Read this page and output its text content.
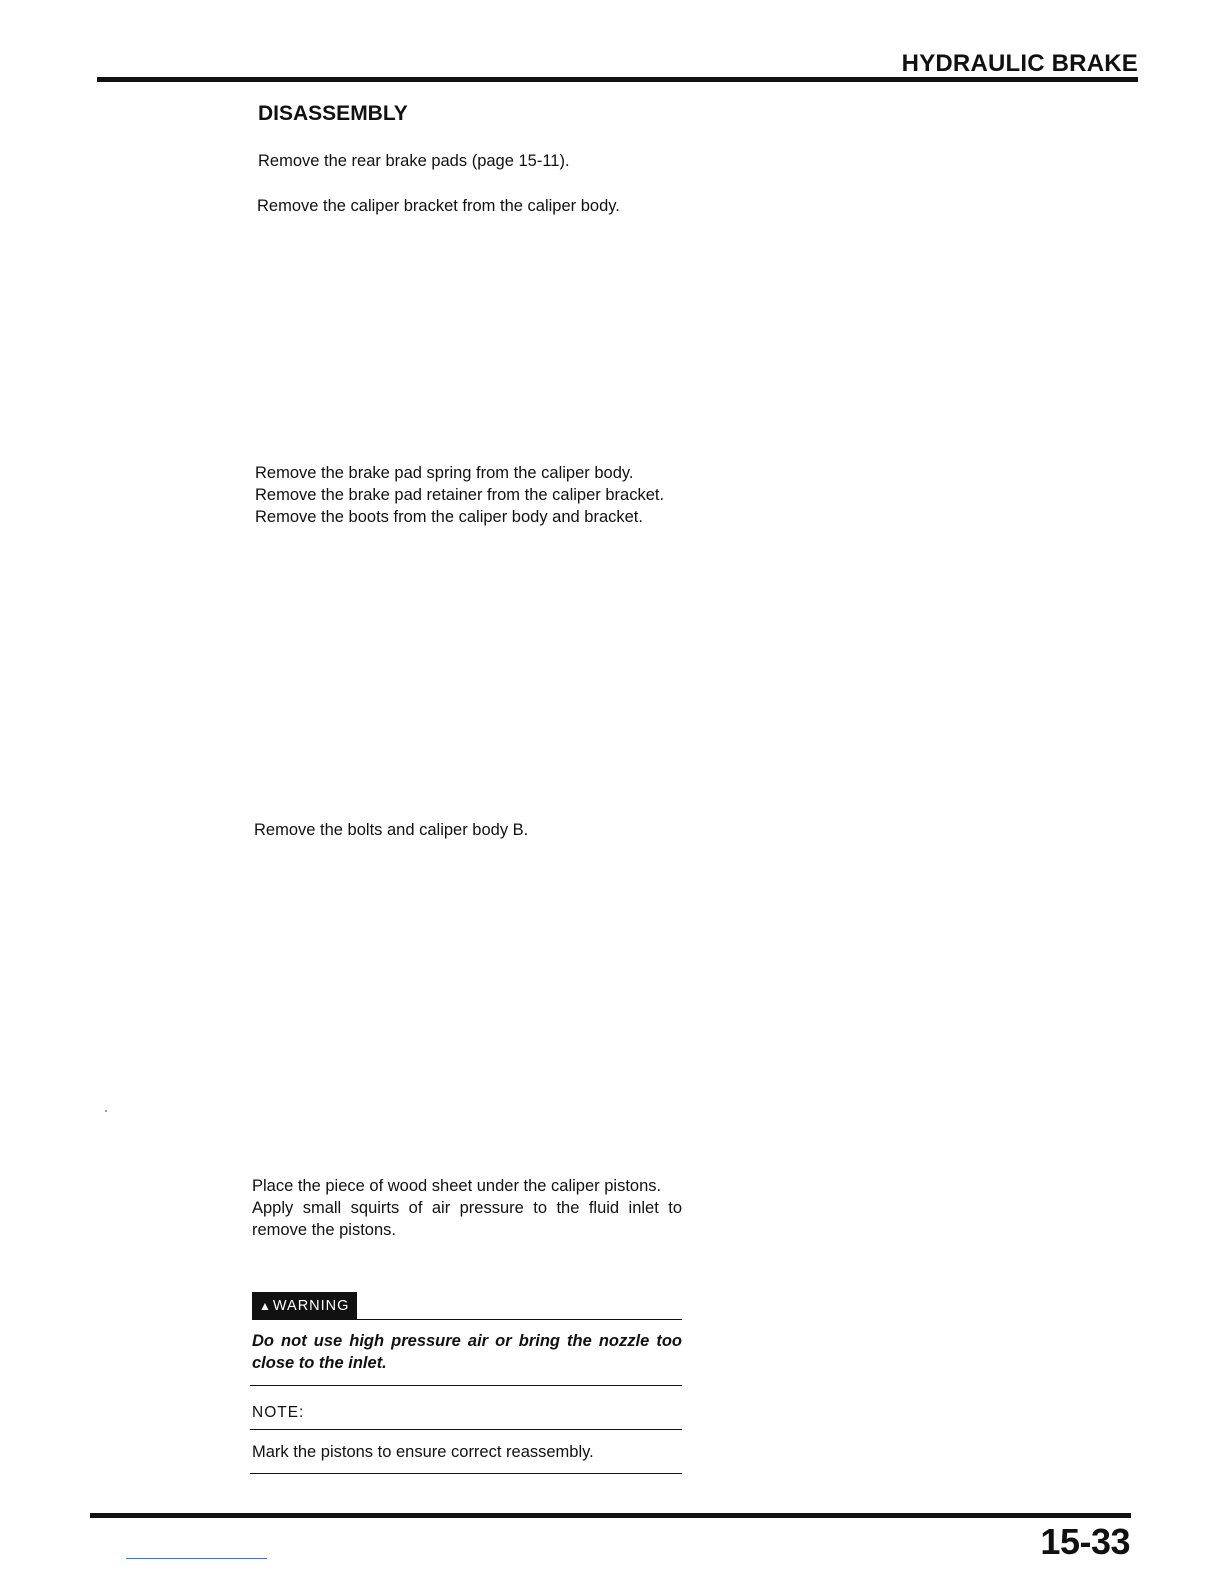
HYDRAULIC BRAKE
DISASSEMBLY

Remove the rear brake pads (page 15-11).

Remove the caliper bracket from the caliper body.

Remove the brake pad spring from the caliper body.

Remove the brake pad retainer from the caliper bracket.

Remove the boots from the caliper body and bracket.

Remove the bolts and caliper body B.

Place the piece of wood sheet under the caliper pistons.

Apply small squirts of air pressure to the fluid inlet to remove the pistons.

▲WARNING
Do not use high pressure air or bring the nozzle too close to the inlet.
NOTE:
Mark the pistons to ensure correct reassembly.
15-33
